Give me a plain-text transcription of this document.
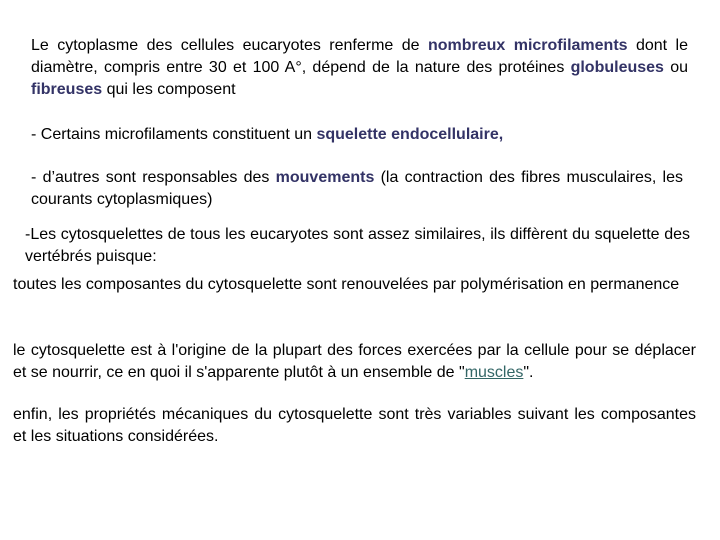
Le cytoplasme des cellules eucaryotes renferme de nombreux microfilaments dont le diamètre, compris entre 30 et 100 A°, dépend de la nature des protéines globuleuses ou fibreuses qui les composent

- Certains microfilaments constituent un squelette endocellulaire,

- d’autres sont responsables des mouvements (la contraction des fibres musculaires, les courants cytoplasmiques)

-Les cytosquelettes de tous les eucaryotes sont assez similaires, ils diffèrent du squelette des vertébrés puisque:

toutes les composantes du cytosquelette sont renouvelées par polymérisation en permanence

le cytosquelette est à l'origine de la plupart des forces exercées par la cellule pour se déplacer et se nourrir, ce en quoi il s'apparente plutôt à un ensemble de "muscles".

enfin, les propriétés mécaniques du cytosquelette sont très variables suivant les composantes et les situations considérées.
